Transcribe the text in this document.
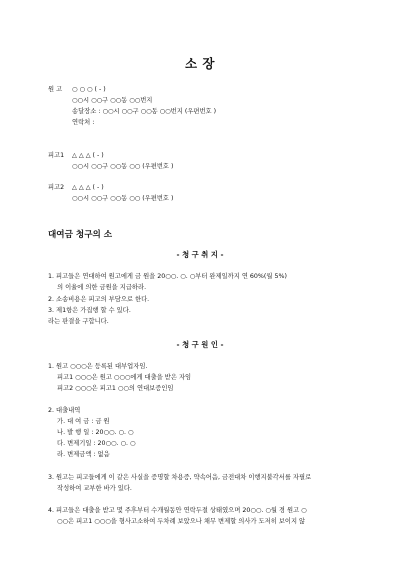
소 장
원 고 ○ ○ ○ ( - )
○○시 ○○구 ○○동 ○○번지
송달장소 : ○○시 ○○구 ○○동 ○○번지 (우편번호 )
연락처 :
피고1 △ △ △ ( - )
○○시 ○○구 ○○동 ○○ (우편번호 )
피고2 △ △ △ ( - )
○○시 ○○구 ○○동 ○○ (우편번호 )
대여금 청구의 소
- 청 구 취 지 -
1. 피고들은 연대하여 원고에게 금 원을 20○○. ○. ○부터 완제일까지 연 60%(월 5%)
의 이율에 의한 금원을 지급하라.
2. 소송비용은 피고의 부담으로 한다.
3. 제1항은 가집행 할 수 있다.
라는 판결을 구합니다.
- 청 구 원 인 -
1. 원고 ○○○은 등록된 대부업자임.
피고1 ○○○은 원고 ○○○에게 대출을 받은 자임
피고2 ○○○은 피고1 ○○의 연대보증인임
2. 대출내역
가. 대 여 금 : 금 원
나. 발 행 일 : 20○○. ○. ○
다. 변제기일 : 20○○. ○. ○
라. 변제금액 : 없음
3. 원고는 피고들에게 이 같은 사실을 증명할 차용증, 약속어음, 금전대차 이행지불각서를 자필로
작성하여 교부한 바가 있다.
4. 피고들은 대출을 받고 몇 주후부터 수개월동안 연락두절 상태였으며 20○○. ○월 경 원고 ○
○○은 피고1 ○○○을 형사고소하여 두차례 보았으나 채무 변제할 의사가 도저히 보이지 않
